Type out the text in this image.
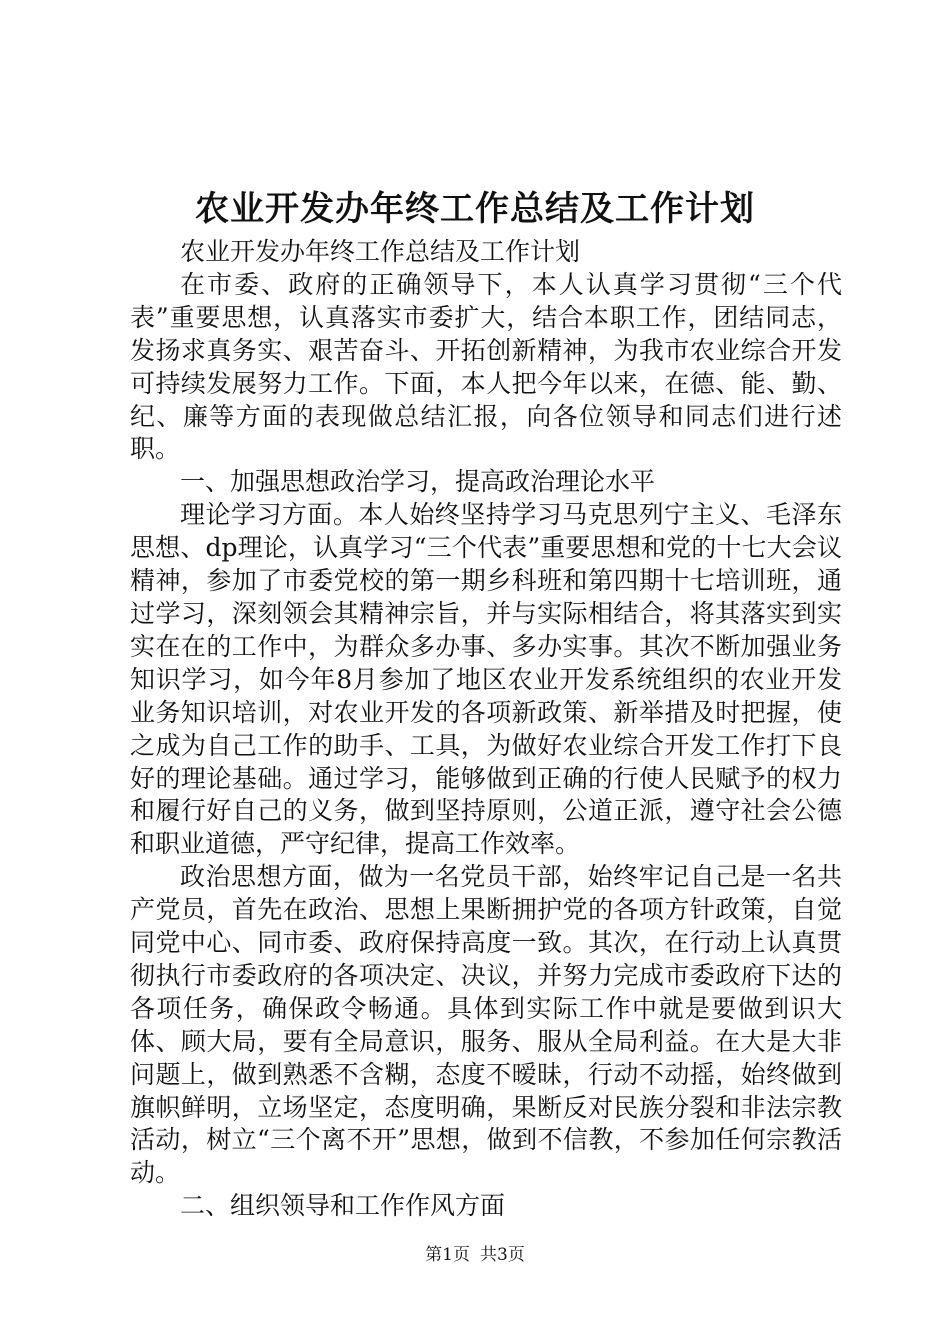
农业开发办年终工作总结及工作计划

农业开发办年终工作总结及工作计划

在市委、政府的正确领导下，本人认真学习贯彻“三个代表”重要思想，认真落实市委扩大，结合本职工作，团结同志，发扬求真务实、艰苦奋斗、开拓创新精神，为我市农业综合开发可持续发展努力工作。下面，本人把今年以来，在德、能、勤、纪、廉等方面的表现做总结汇报，向各位领导和同志们进行述职。

一、加强思想政治学习，提高政治理论水平

理论学习方面。本人始终坚持学习马克思列宁主义、毛泽东思想、dp理论，认真学习“三个代表”重要思想和党的十七大会议精神，参加了市委党校的第一期乡科班和第四期十七培训班，通过学习，深刻领会其精神宗旨，并与实际相结合，将其落实到实实在在的工作中，为群众多办事、多办实事。其次不断加强业务知识学习，如今年8月参加了地区农业开发系统组织的农业开发业务知识培训，对农业开发的各项新政策、新举措及时把握，使之成为自己工作的助手、工具，为做好农业综合开发工作打下良好的理论基础。通过学习，能够做到正确的行使人民赋予的权力和履行好自己的义务，做到坚持原则，公道正派，遵守社会公德和职业道德，严守纪律，提高工作效率。

政治思想方面，做为一名党员干部，始终牢记自己是一名共产党员，首先在政治、思想上果断拥护党的各项方针政策，自觉同党中心、同市委、政府保持高度一致。其次，在行动上认真贯彻执行市委政府的各项决定、决议，并努力完成市委政府下达的各项任务，确保政令畅通。具体到实际工作中就是要做到识大体、顾大局，要有全局意识，服务、服从全局利益。在大是大非问题上，做到熟悉不含糊，态度不暧昧，行动不动摇，始终做到旗帜鲜明，立场坚定，态度明确，果断反对民族分裂和非法宗教活动，树立“三个离不开”思想，做到不信教，不参加任何宗教活动。

二、组织领导和工作作风方面

第1页 共3页
